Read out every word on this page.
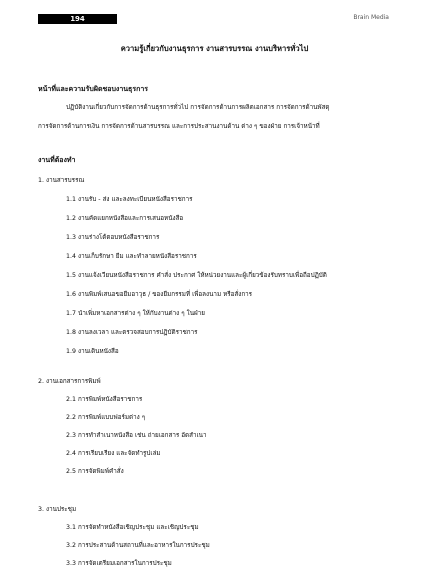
194	Brain Media
ความรู้เกี่ยวกับงานธุรการ งานสารบรรณ งานบริหารทั่วไป
หน้าที่และความรับผิดชอบงานธุรการ
ปฏิบัติงานเกี่ยวกับการจัดการด้านธุรการทั่วไป การจัดการด้านการผลิตเอกสาร การจัดการด้านพัสดุ
การจัดการด้านการเงิน การจัดการด้านสารบรรณ และการประสานงานด้าน ต่าง ๆ ของฝ่าย การเจ้าหน้าที่
งานที่ต้องทำ
1. งานสารบรรณ
1.1 งานรับ - ส่ง และลงทะเบียนหนังสือราชการ
1.2 งานคัดแยกหนังสือและการเสนอหนังสือ
1.3 งานร่างโต้ตอบหนังสือราชการ
1.4 งานเก็บรักษา ยืม และทำลายหนังสือราชการ
1.5 งานแจ้งเวียนหนังสือราชการ คำสั่ง ประกาศ ให้หน่วยงานและผู้เกี่ยวข้องรับทราบเพื่อถือปฏิบัติ
1.6 งานพิมพ์เสนอขอยืมอาวุธ / ของยืมกรรมที่ เพื่อลงนาม หรือสั่งการ
1.7 นำเพิ่มหาเอกสารต่าง ๆ ให้กับงานต่าง ๆ ในฝ่าย
1.8 งานลงเวลา และตรวจสอบการปฏิบัติราชการ
1.9 งานเดินหนังสือ
2. งานเอกสารการพิมพ์
2.1 การพิมพ์หนังสือราชการ
2.2 การพิมพ์แบบฟอร์มต่าง ๆ
2.3 การทำสำเนาหนังสือ เช่น ถ่ายเอกสาร อัดสำเนา
2.4 การเรียบเรียง และจัดทำรูปเล่ม
2.5 การจัดพิมพ์คำสั่ง
3. งานประชุม
3.1 การจัดทำหนังสือเชิญประชุม และเชิญประชุม
3.2 การประสานด้านสถานที่และอาหารในการประชุม
3.3 การจัดเตรียมเอกสารในการประชุม
